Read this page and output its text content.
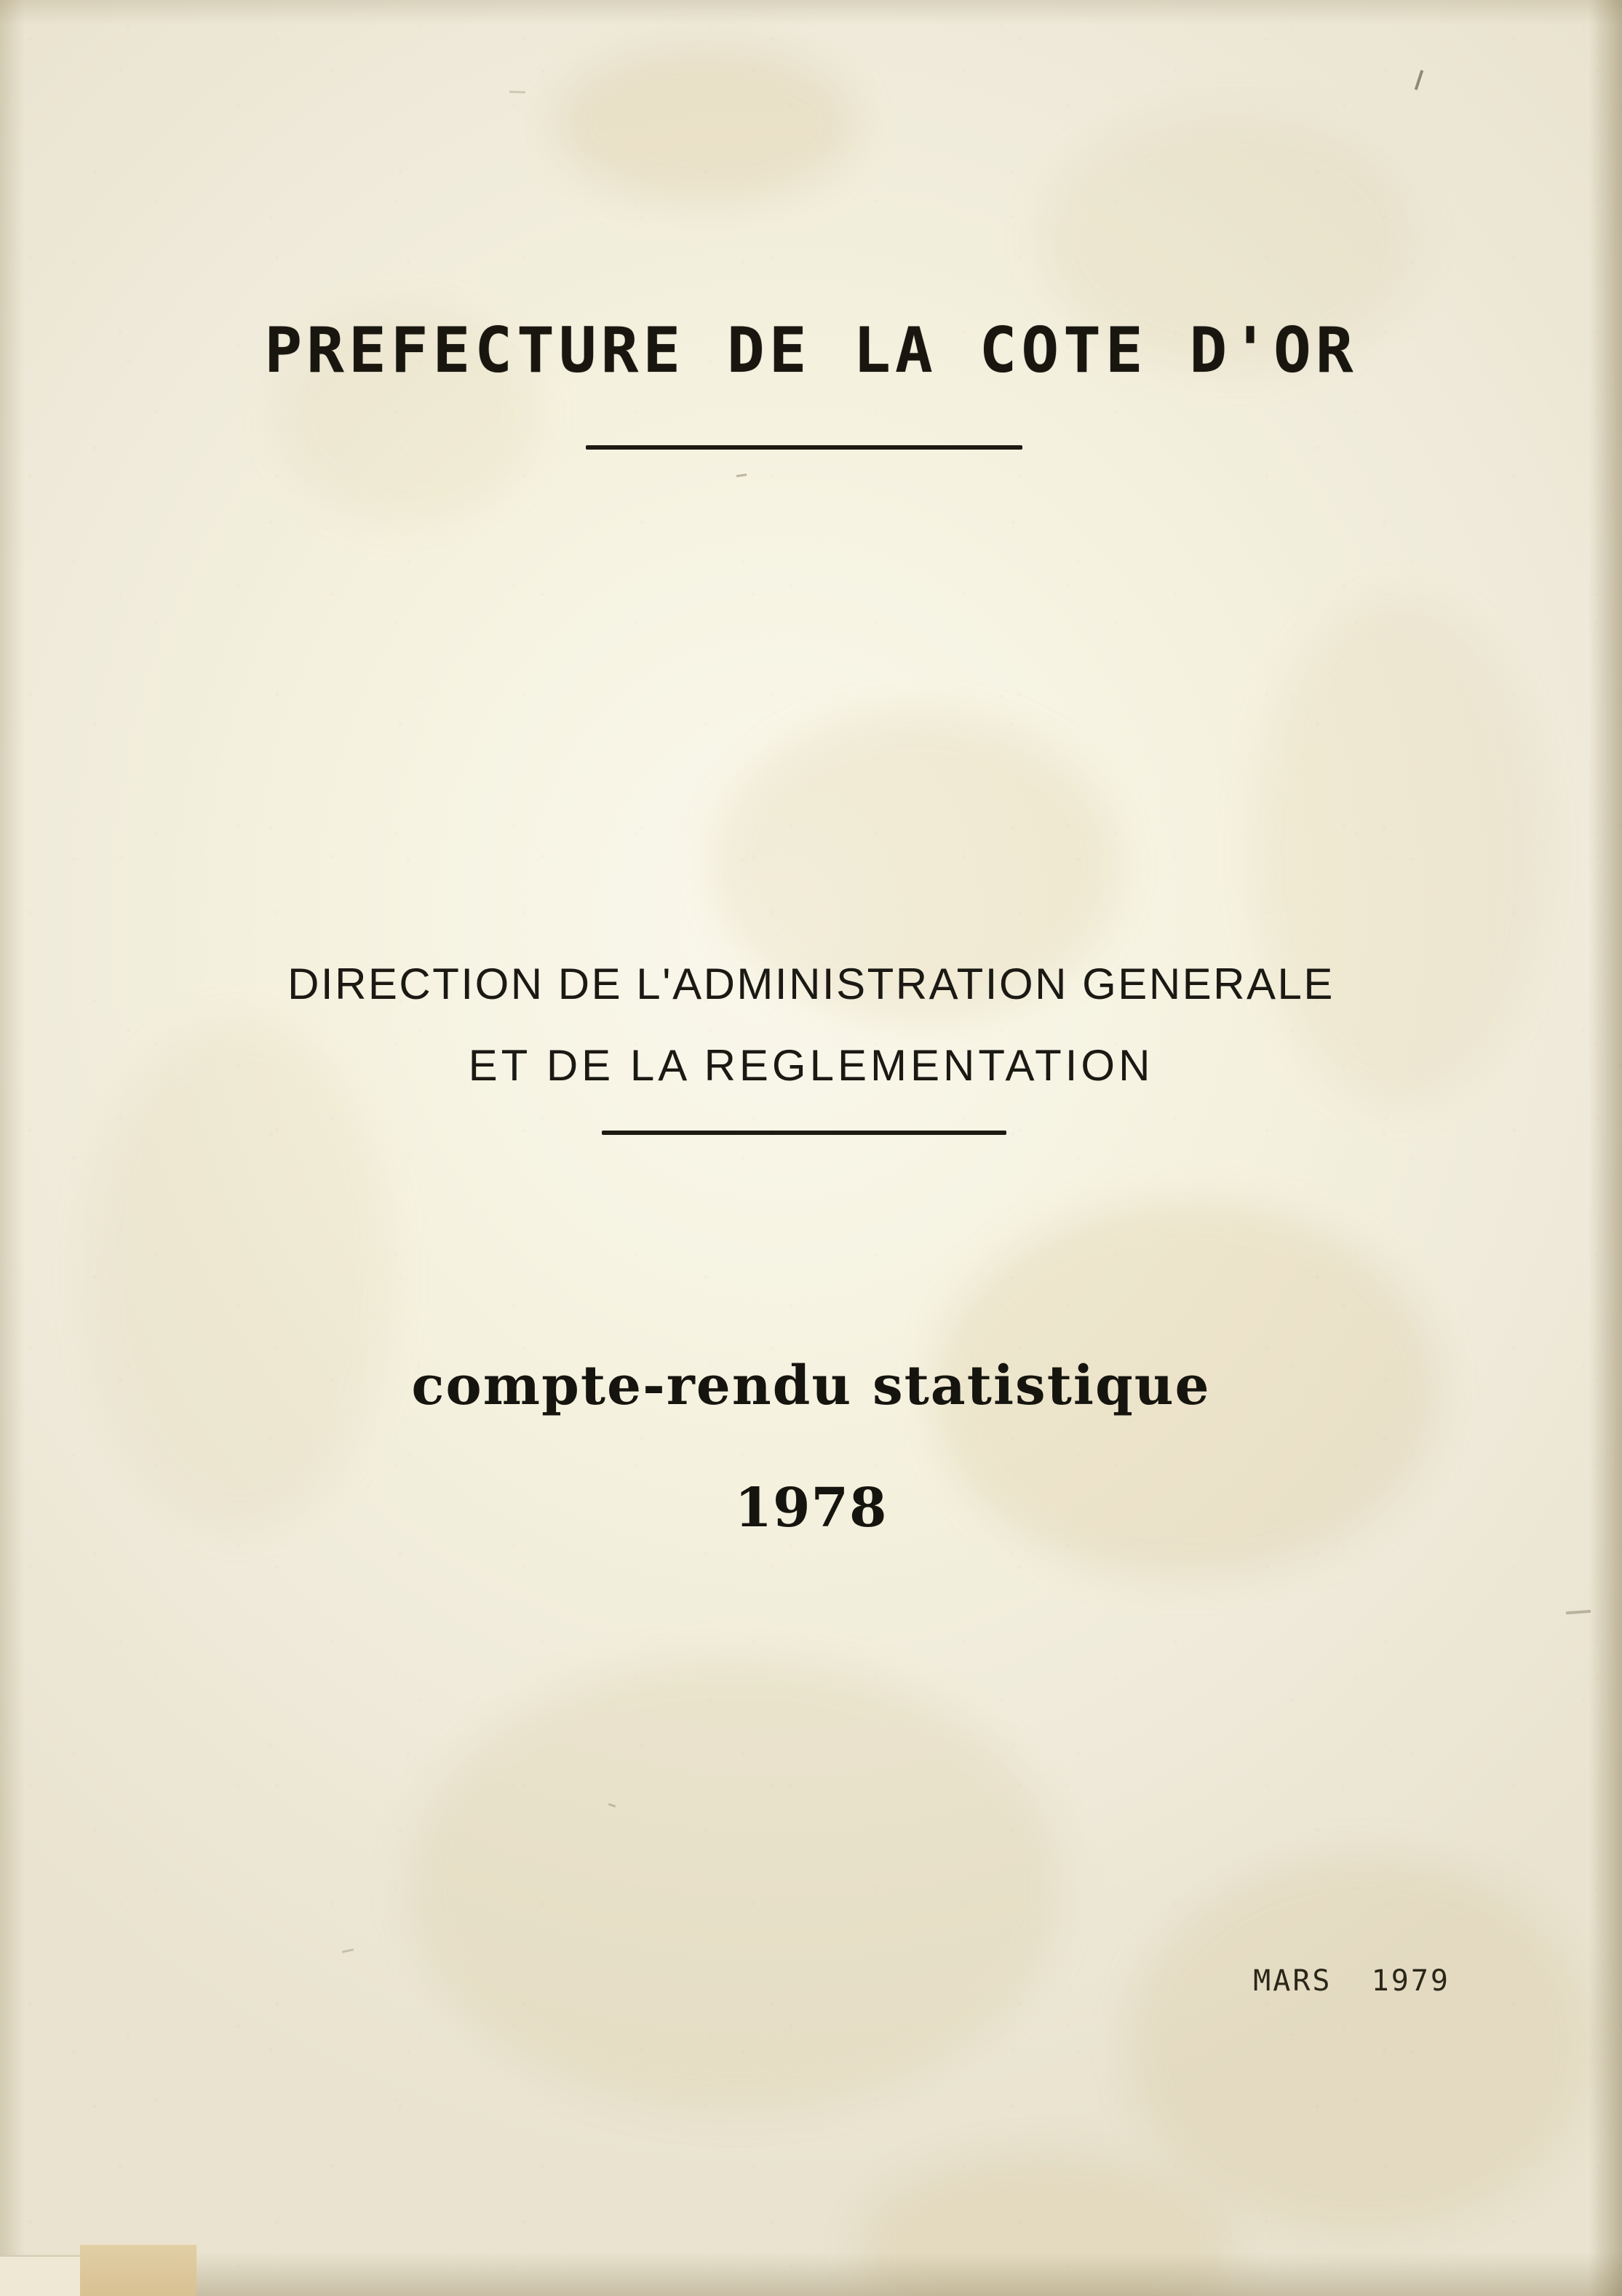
PREFECTURE DE LA COTE D'OR
DIRECTION DE L'ADMINISTRATION GENERALE
ET DE LA REGLEMENTATION
compte-rendu statistique
1978
MARS  1979
